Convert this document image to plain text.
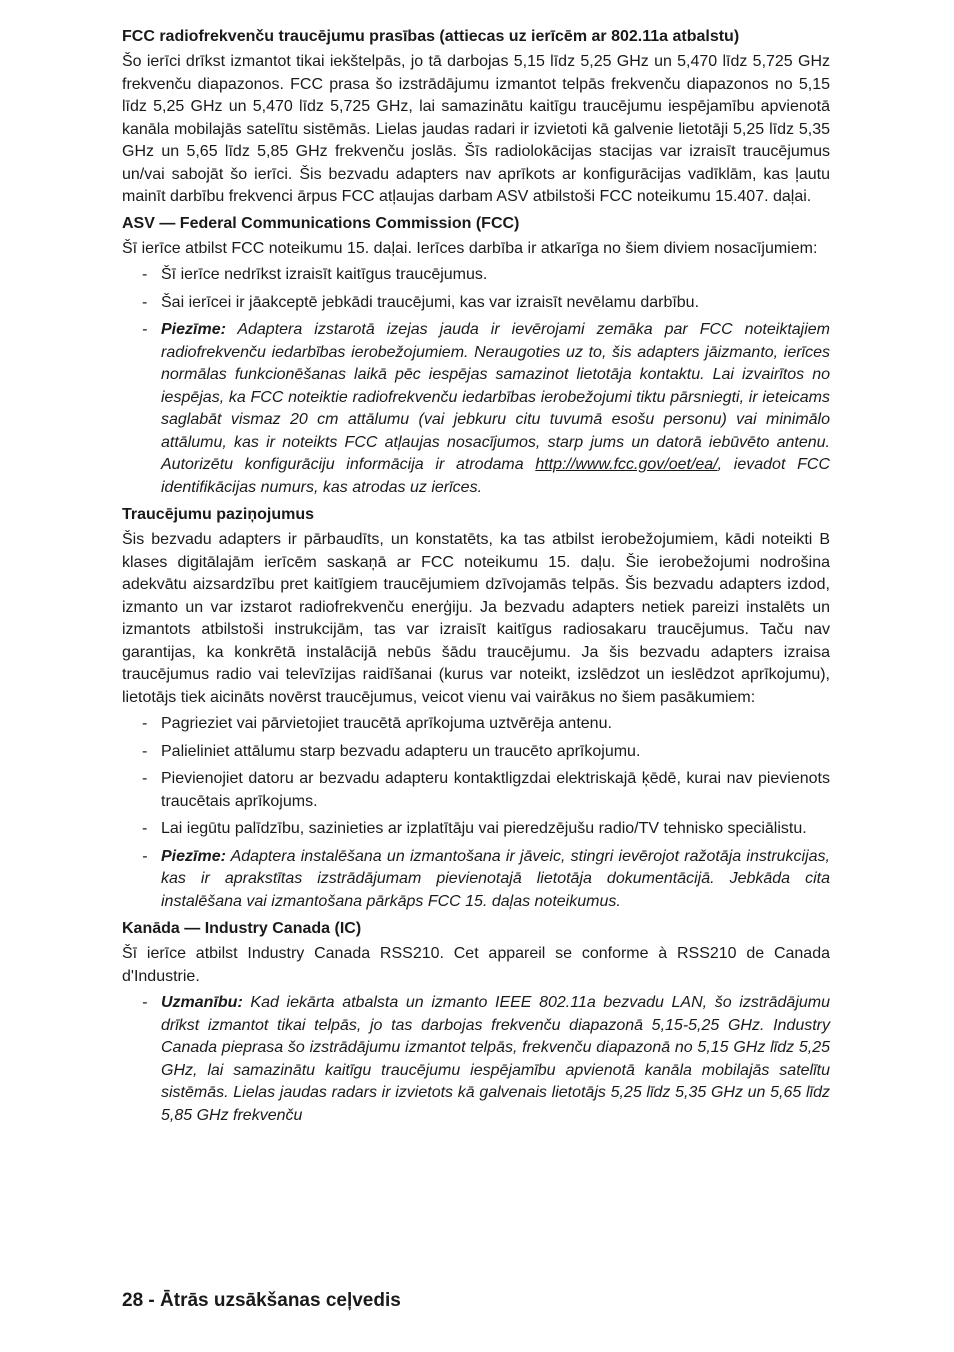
FCC radiofrekvenču traucējumu prasības (attiecas uz ierīcēm ar 802.11a atbalstu)

Šo ierīci drīkst izmantot tikai iekštelpās, jo tā darbojas 5,15 līdz 5,25 GHz un 5,470 līdz 5,725 GHz frekvenču diapazonos. FCC prasa šo izstrādājumu izmantot telpās frekvenču diapazonos no 5,15 līdz 5,25 GHz un 5,470 līdz 5,725 GHz, lai samazinātu kaitīgu traucējumu iespējamību apvienotā kanāla mobilajās satelītu sistēmās. Lielas jaudas radari ir izvietoti kā galvenie lietotāji 5,25 līdz 5,35 GHz un 5,65 līdz 5,85 GHz frekvenču joslās. Šīs radiolokācijas stacijas var izraisīt traucējumus un/vai sabojāt šo ierīci. Šis bezvadu adapters nav aprīkots ar konfigurācijas vadīklām, kas ļautu mainīt darbību frekvenci ārpus FCC atļaujas darbam ASV atbilstoši FCC noteikumu 15.407. daļai.

ASV — Federal Communications Commission (FCC)

Šī ierīce atbilst FCC noteikumu 15. daļai. Ierīces darbība ir atkarīga no šiem diviem nosacījumiem:

- Šī ierīce nedrīkst izraisīt kaitīgus traucējumus.
- Šai ierīcei ir jāakceptē jebkādi traucējumi, kas var izraisīt nevēlamu darbību.
- Piezīme: Adaptera izstarotā izejas jauda ir ievērojami zemāka par FCC noteiktajiem radiofrekvenču iedarbības ierobežojumiem. Neraugoties uz to, šis adapters jāizmanto, ierīces normālas funkcionēšanas laikā pēc iespējas samazinot lietotāja kontaktu. Lai izvairītos no iespējas, ka FCC noteiktie radiofrekvenču iedarbības ierobežojumi tiktu pārsniegti, ir ieteicams saglabāt vismaz 20 cm attālumu (vai jebkuru citu tuvumā esošu personu) vai minimālo attālumu, kas ir noteikts FCC atļaujas nosacījumos, starp jums un datorā iebūvēto antenu. Autorizētu konfigurāciju informācija ir atrodama http://www.fcc.gov/oet/ea/, ievadot FCC identifikācijas numurs, kas atrodas uz ierīces.
Traucējumu paziņojumus

Šis bezvadu adapters ir pārbaudīts, un konstatēts, ka tas atbilst ierobežojumiem, kādi noteikti B klases digitālajām ierīcēm saskaņā ar FCC noteikumu 15. daļu. Šie ierobežojumi nodrošina adekvātu aizsardzību pret kaitīgiem traucējumiem dzīvojamās telpās. Šis bezvadu adapters izdod, izmanto un var izstarot radiofrekvenču enerģiju. Ja bezvadu adapters netiek pareizi instalēts un izmantots atbilstoši instrukcijām, tas var izraisīt kaitīgus radiosakaru traucējumus. Taču nav garantijas, ka konkrētā instalācijā nebūs šādu traucējumu. Ja šis bezvadu adapters izraisa traucējumus radio vai televīzijas raidīšanai (kurus var noteikt, izslēdzot un ieslēdzot aprīkojumu), lietotājs tiek aicināts novērst traucējumus, veicot vienu vai vairākus no šiem pasākumiem:

- Pagrieziet vai pārvietojiet traucētā aprīkojuma uztvērēja antenu.
- Palieliniet attālumu starp bezvadu adapteru un traucēto aprīkojumu.
- Pievienojiet datoru ar bezvadu adapteru kontaktligzdai elektriskajā ķēdē, kurai nav pievienots traucētais aprīkojums.
- Lai iegūtu palīdzību, sazinieties ar izplatītāju vai pieredzējušu radio/TV tehnisko speciālistu.
- Piezīme: Adaptera instalēšana un izmantošana ir jāveic, stingri ievērojot ražotāja instrukcijas, kas ir aprakstītas izstrādājumam pievienotajā lietotāja dokumentācijā. Jebkāda cita instalēšana vai izmantošana pārkāps FCC 15. daļas noteikumus.
Kanāda — Industry Canada (IC)

Šī ierīce atbilst Industry Canada RSS210. Cet appareil se conforme à RSS210 de Canada d'Industrie.

- Uzmanību: Kad iekārta atbalsta un izmanto IEEE 802.11a bezvadu LAN, šo izstrādājumu drīkst izmantot tikai telpās, jo tas darbojas frekvenču diapazonā 5,15-5,25 GHz. Industry Canada pieprasa šo izstrādājumu izmantot telpās, frekvenču diapazonā no 5,15 GHz līdz 5,25 GHz, lai samazinātu kaitīgu traucējumu iespējamību apvienotā kanāla mobilajās satelītu sistēmās. Lielas jaudas radars ir izvietots kā galvenais lietotājs 5,25 līdz 5,35 GHz un 5,65 līdz 5,85 GHz frekvenču
28 - Ātrās uzsākšanas ceļvedis
